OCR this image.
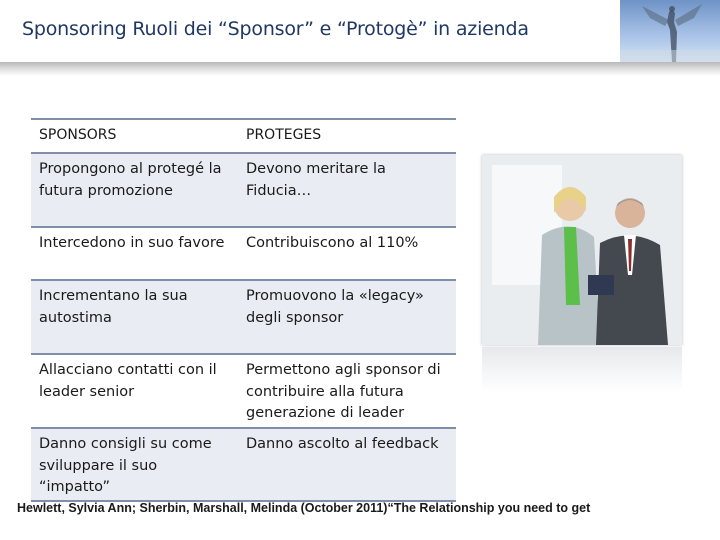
Sponsoring Ruoli dei “Sponsor” e “Protogè” in azienda
SPONSORS	PROTEGES
Propongono al protegé la futura promozione
Devono meritare la Fiducia…
Intercedono in suo favore	Contribuiscono al 110%
Incrementano la sua autostima
Promuovono la «legacy» degli sponsor
Allacciano contatti con il leader senior
Permettono agli sponsor di contribuire alla futura generazione di leader
Danno consigli su come sviluppare il suo “impatto”
Danno ascolto al feedback
Hewlett, Sylvia Ann; Sherbin, Marshall, Melinda (October 2011)“The Relationship you need to get
